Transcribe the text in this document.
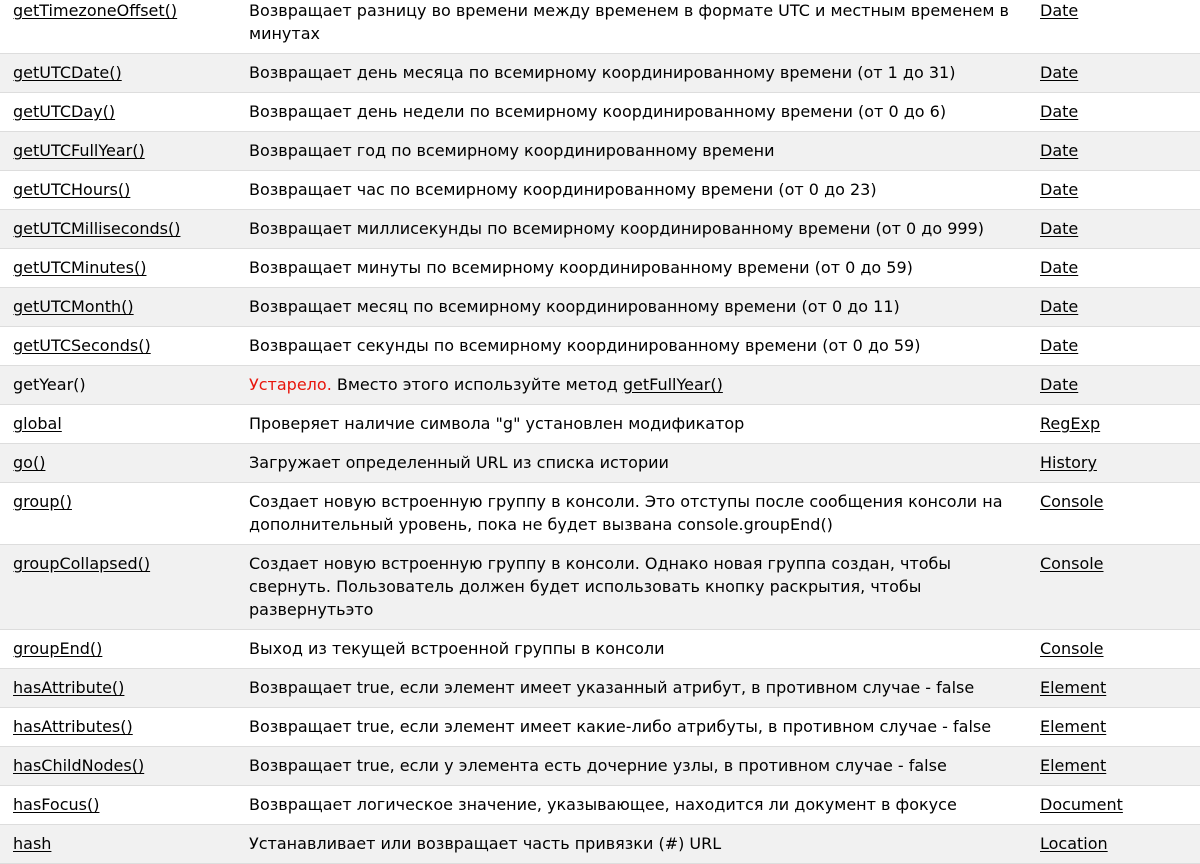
getTimezoneOffset()	Возвращает разницу во времени между временем в формате UTC и местным временем в минутах	Date
getUTCDate()	Возвращает день месяца по всемирному координированному времени (от 1 до 31)	Date
getUTCDay()	Возвращает день недели по всемирному координированному времени (от 0 до 6)	Date
getUTCFullYear()	Возвращает год по всемирному координированному времени	Date
getUTCHours()	Возвращает час по всемирному координированному времени (от 0 до 23)	Date
getUTCMilliseconds()	Возвращает миллисекунды по всемирному координированному времени (от 0 до 999)	Date
getUTCMinutes()	Возвращает минуты по всемирному координированному времени (от 0 до 59)	Date
getUTCMonth()	Возвращает месяц по всемирному координированному времени (от 0 до 11)	Date
getUTCSeconds()	Возвращает секунды по всемирному координированному времени (от 0 до 59)	Date
getYear()	Устарело. Вместо этого используйте метод getFullYear()	Date
global	Проверяет наличие символа "g" установлен модификатор	RegExp
go()	Загружает определенный URL из списка истории	History
group()	Создает новую встроенную группу в консоли. Это отступы после сообщения консоли на дополнительный уровень, пока не будет вызвана console.groupEnd()	Console
groupCollapsed()	Создает новую встроенную группу в консоли. Однако новая группа создан, чтобы свернуть. Пользователь должен будет использовать кнопку раскрытия, чтобы развернутьэто	Console
groupEnd()	Выход из текущей встроенной группы в консоли	Console
hasAttribute()	Возвращает true, если элемент имеет указанный атрибут, в противном случае - false	Element
hasAttributes()	Возвращает true, если элемент имеет какие-либо атрибуты, в противном случае - false	Element
hasChildNodes()	Возвращает true, если у элемента есть дочерние узлы, в противном случае - false	Element
hasFocus()	Возвращает логическое значение, указывающее, находится ли документ в фокусе	Document
hash	Устанавливает или возвращает часть привязки (#) URL	Location
